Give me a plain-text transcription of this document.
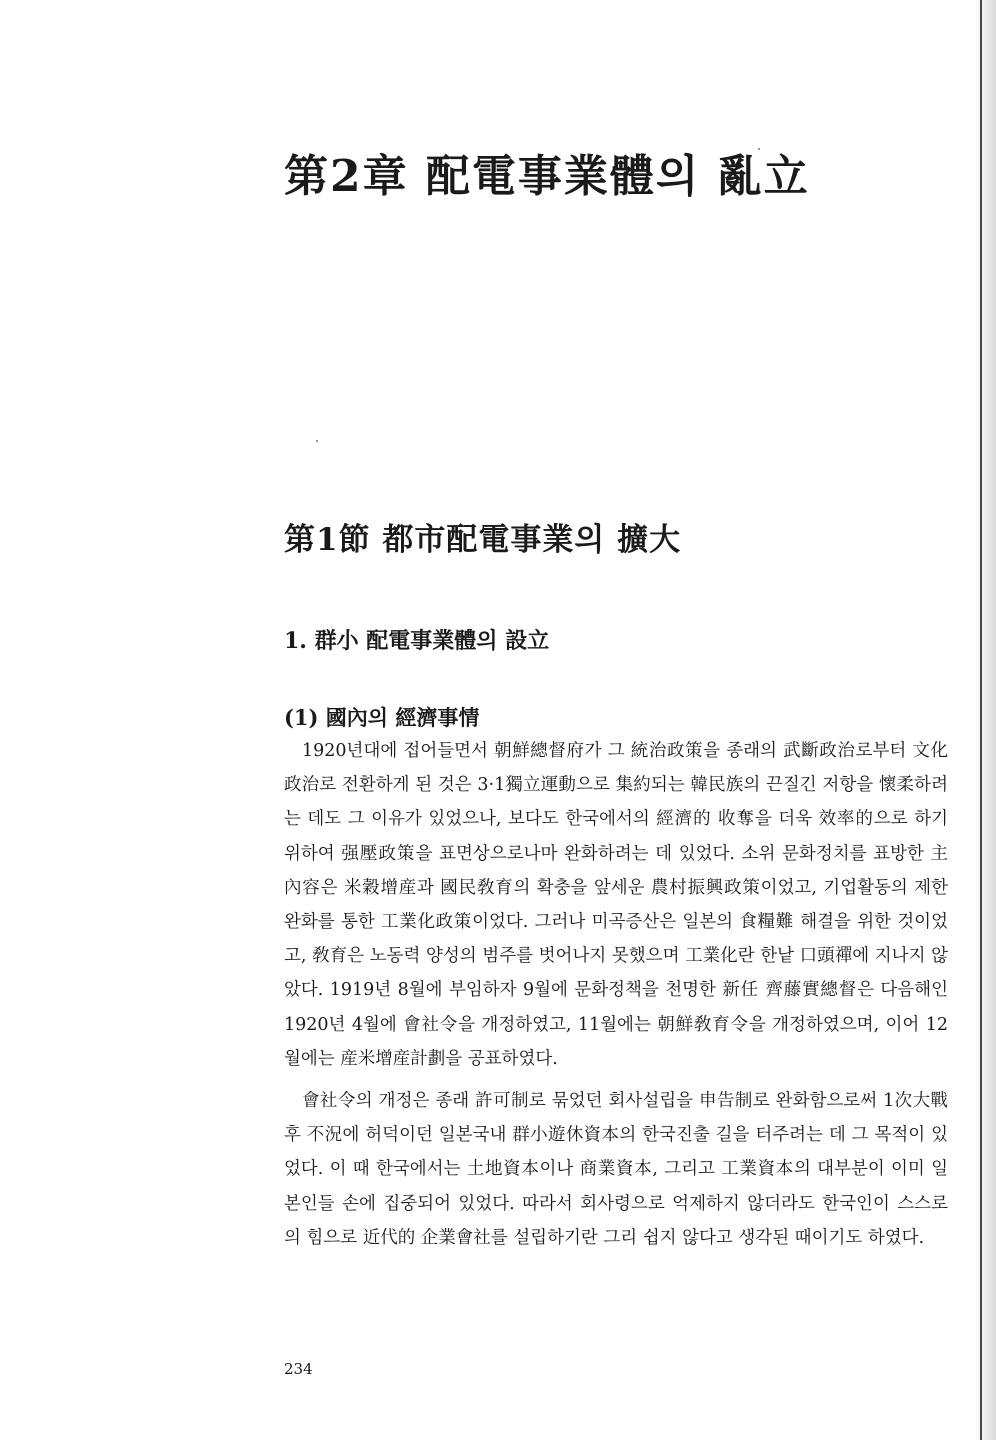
第2章 配電事業體의 亂立
第1節 都市配電事業의 擴大
1. 群小 配電事業體의 設立
(1) 國內의 經濟事情

1920년대에 접어들면서 朝鮮總督府가 그 統治政策을 종래의 武斷政治로부터 文化政治로 전환하게 된 것은 3·1獨立運動으로 集約되는 韓民族의 끈질긴 저항을 懷柔하려는 데도 그 이유가 있었으나, 보다도 한국에서의 經濟的 收奪을 더욱 效率的으로 하기 위하여 强壓政策을 표면상으로나마 완화하려는 데 있었다. 소위 문화정치를 표방한 主內容은 米穀增産과 國民敎育의 확충을 앞세운 農村振興政策이었고, 기업활동의 제한 완화를 통한 工業化政策이었다. 그러나 미곡증산은 일본의 食糧難 해결을 위한 것이었고, 敎育은 노동력 양성의 범주를 벗어나지 못했으며 工業化란 한낱 口頭禪에 지나지 않았다. 1919년 8월에 부임하자 9월에 문화정책을 천명한 新任 齊藤實總督은 다음해인 1920년 4월에 會社令을 개정하였고, 11월에는 朝鮮敎育令을 개정하였으며, 이어 12월에는 産米增産計劃을 공표하였다.

會社令의 개정은 종래 許可制로 묶었던 회사설립을 申告制로 완화함으로써 1次大戰후 不況에 허덕이던 일본국내 群小遊休資本의 한국진출 길을 터주려는 데 그 목적이 있었다. 이 때 한국에서는 土地資本이나 商業資本, 그리고 工業資本의 대부분이 이미 일본인들 손에 집중되어 있었다. 따라서 회사령으로 억제하지 않더라도 한국인이 스스로의 힘으로 近代的 企業會社를 설립하기란 그리 쉽지 않다고 생각된 때이기도 하였다.

234
